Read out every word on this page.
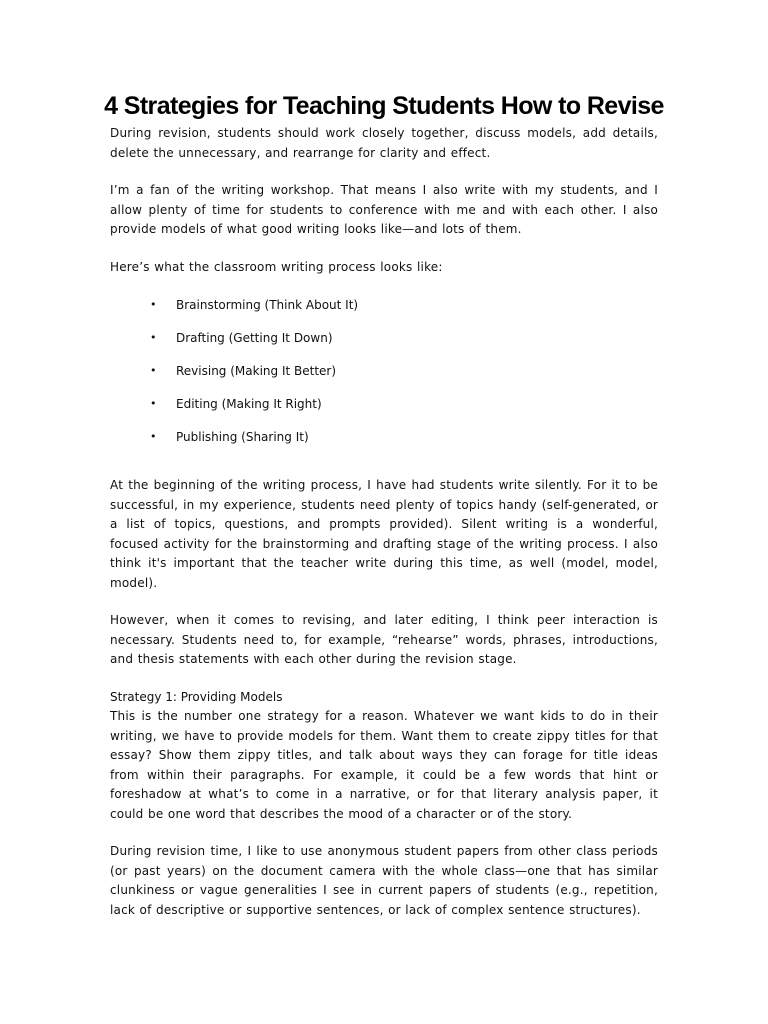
4 Strategies for Teaching Students How to Revise

During revision, students should work closely together, discuss models, add details, delete the unnecessary, and rearrange for clarity and effect.

I’m a fan of the writing workshop. That means I also write with my students, and I allow plenty of time for students to conference with me and with each other. I also provide models of what good writing looks like—and lots of them.

Here’s what the classroom writing process looks like:

• Brainstorming (Think About It)
• Drafting (Getting It Down)
• Revising (Making It Better)
• Editing (Making It Right)
• Publishing (Sharing It)

At the beginning of the writing process, I have had students write silently. For it to be successful, in my experience, students need plenty of topics handy (self-generated, or a list of topics, questions, and prompts provided). Silent writing is a wonderful, focused activity for the brainstorming and drafting stage of the writing process. I also think it's important that the teacher write during this time, as well (model, model, model).

However, when it comes to revising, and later editing, I think peer interaction is necessary. Students need to, for example, “rehearse” words, phrases, introductions, and thesis statements with each other during the revision stage.

Strategy 1: Providing Models

This is the number one strategy for a reason. Whatever we want kids to do in their writing, we have to provide models for them. Want them to create zippy titles for that essay? Show them zippy titles, and talk about ways they can forage for title ideas from within their paragraphs. For example, it could be a few words that hint or foreshadow at what’s to come in a narrative, or for that literary analysis paper, it could be one word that describes the mood of a character or of the story.

During revision time, I like to use anonymous student papers from other class periods (or past years) on the document camera with the whole class—one that has similar clunkiness or vague generalities I see in current papers of students (e.g., repetition, lack of descriptive or supportive sentences, or lack of complex sentence structures).
